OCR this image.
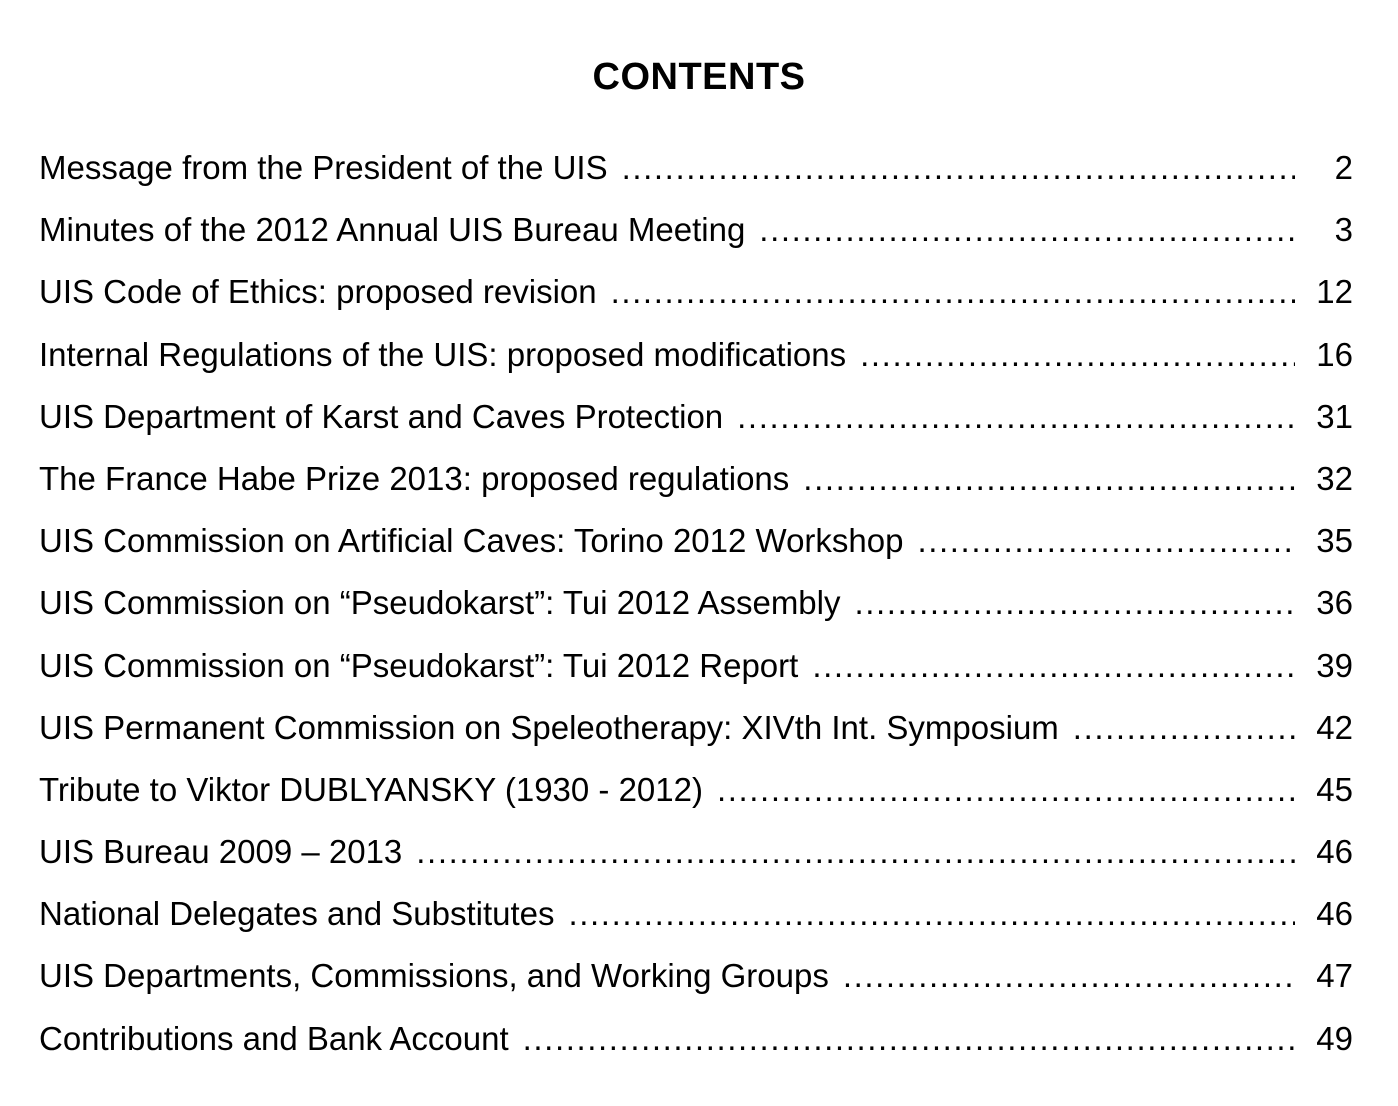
CONTENTS
Message from the President of the UIS .....	2
Minutes of the 2012 Annual UIS Bureau Meeting .....	3
UIS Code of Ethics: proposed revision .....	12
Internal Regulations of the UIS: proposed modifications .....	16
UIS Department of Karst and Caves Protection .....	31
The France Habe Prize 2013: proposed regulations .....	32
UIS Commission on Artificial Caves: Torino 2012 Workshop .....	35
UIS Commission on “Pseudokarst”: Tui 2012 Assembly .....	36
UIS Commission on “Pseudokarst”: Tui 2012 Report .....	39
UIS Permanent Commission on Speleotherapy: XIVth Int. Symposium .....	42
Tribute to Viktor DUBLYANSKY (1930 - 2012) .....	45
UIS Bureau 2009 – 2013 .....	46
National Delegates and Substitutes .....	46
UIS Departments, Commissions, and Working Groups .....	47
Contributions and Bank Account .....	49
